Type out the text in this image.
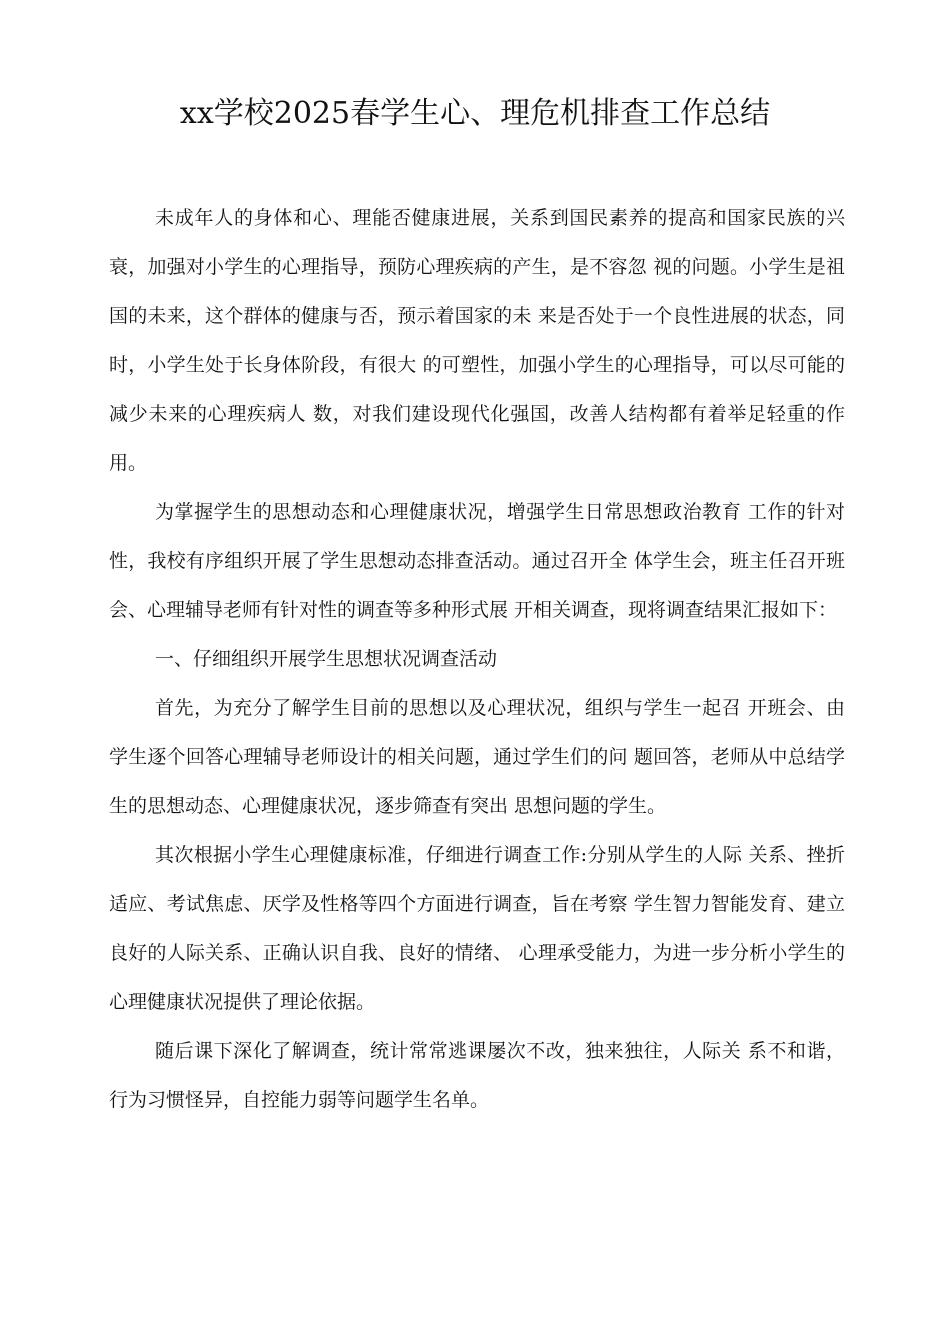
xx学校2025春学生心、理危机排查工作总结

未成年人的身体和心、理能否健康进展，关系到国民素养的提高和国家民族的兴衰，加强对小学生的心理指导，预防心理疾病的产生，是不容忽 视的问题。小学生是祖国的未来，这个群体的健康与否，预示着国家的未 来是否处于一个良性进展的状态，同时，小学生处于长身体阶段，有很大 的可塑性，加强小学生的心理指导，可以尽可能的减少未来的心理疾病人 数，对我们建设现代化强国，改善人结构都有着举足轻重的作用。

为掌握学生的思想动态和心理健康状况，增强学生日常思想政治教育 工作的针对性，我校有序组织开展了学生思想动态排查活动。通过召开全 体学生会，班主任召开班会、心理辅导老师有针对性的调查等多种形式展 开相关调查，现将调查结果汇报如下：

一、仔细组织开展学生思想状况调查活动

首先，为充分了解学生目前的思想以及心理状况，组织与学生一起召 开班会、由学生逐个回答心理辅导老师设计的相关问题，通过学生们的问 题回答，老师从中总结学生的思想动态、心理健康状况，逐步筛查有突出 思想问题的学生。

其次根据小学生心理健康标准，仔细进行调查工作:分别从学生的人际 关系、挫折适应、考试焦虑、厌学及性格等四个方面进行调查，旨在考察 学生智力智能发育、建立良好的人际关系、正确认识自我、良好的情绪、 心理承受能力，为进一步分析小学生的心理健康状况提供了理论依据。

随后课下深化了解调查，统计常常逃课屡次不改，独来独往，人际关 系不和谐，行为习惯怪异，自控能力弱等问题学生名单。
